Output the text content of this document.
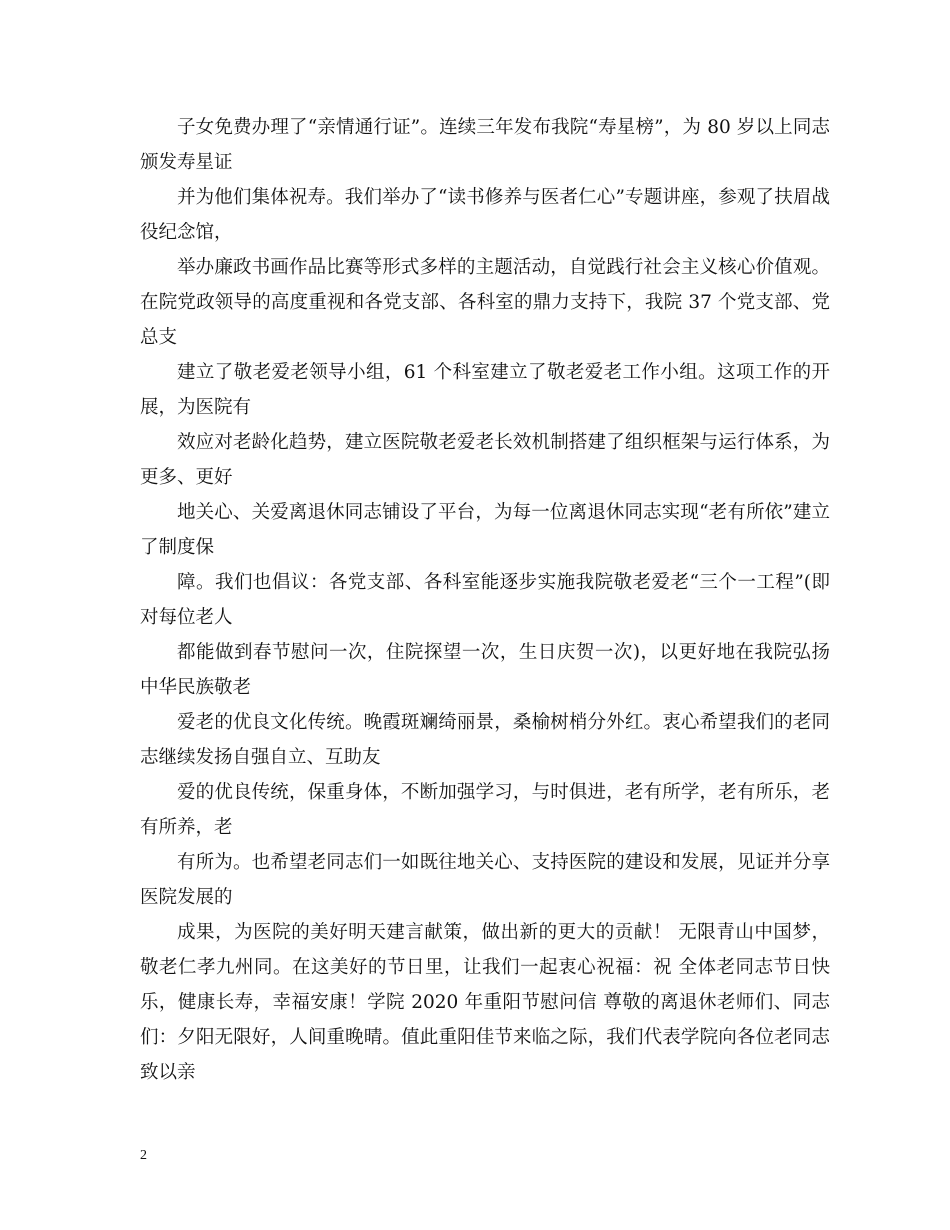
子女免费办理了“亲情通行证”。连续三年发布我院“寿星榜”，为 80 岁以上同志颁发寿星证

并为他们集体祝寿。我们举办了“读书修养与医者仁心”专题讲座，参观了扶眉战役纪念馆，

举办廉政书画作品比赛等形式多样的主题活动，自觉践行社会主义核心价值观。 在院党政领导的高度重视和各党支部、各科室的鼎力支持下，我院 37 个党支部、党总支

建立了敬老爱老领导小组，61 个科室建立了敬老爱老工作小组。这项工作的开展，为医院有

效应对老龄化趋势，建立医院敬老爱老长效机制搭建了组织框架与运行体系，为更多、更好

地关心、关爱离退休同志铺设了平台，为每一位离退休同志实现“老有所依”建立了制度保

障。我们也倡议：各党支部、各科室能逐步实施我院敬老爱老“三个一工程”(即对每位老人

都能做到春节慰问一次，住院探望一次，生日庆贺一次)，以更好地在我院弘扬中华民族敬老

爱老的优良文化传统。晚霞斑斓绮丽景，桑榆树梢分外红。衷心希望我们的老同志继续发扬自强自立、互助友

爱的优良传统，保重身体，不断加强学习，与时俱进，老有所学，老有所乐，老有所养，老

有所为。也希望老同志们一如既往地关心、支持医院的建设和发展，见证并分享医院发展的

成果，为医院的美好明天建言献策，做出新的更大的贡献！ 无限青山中国梦，敬老仁孝九州同。在这美好的节日里，让我们一起衷心祝福：祝 全体老同志节日快乐，健康长寿，幸福安康！学院 2020 年重阳节慰问信 尊敬的离退休老师们、同志们：夕阳无限好，人间重晚晴。值此重阳佳节来临之际，我们代表学院向各位老同志致以亲

2
